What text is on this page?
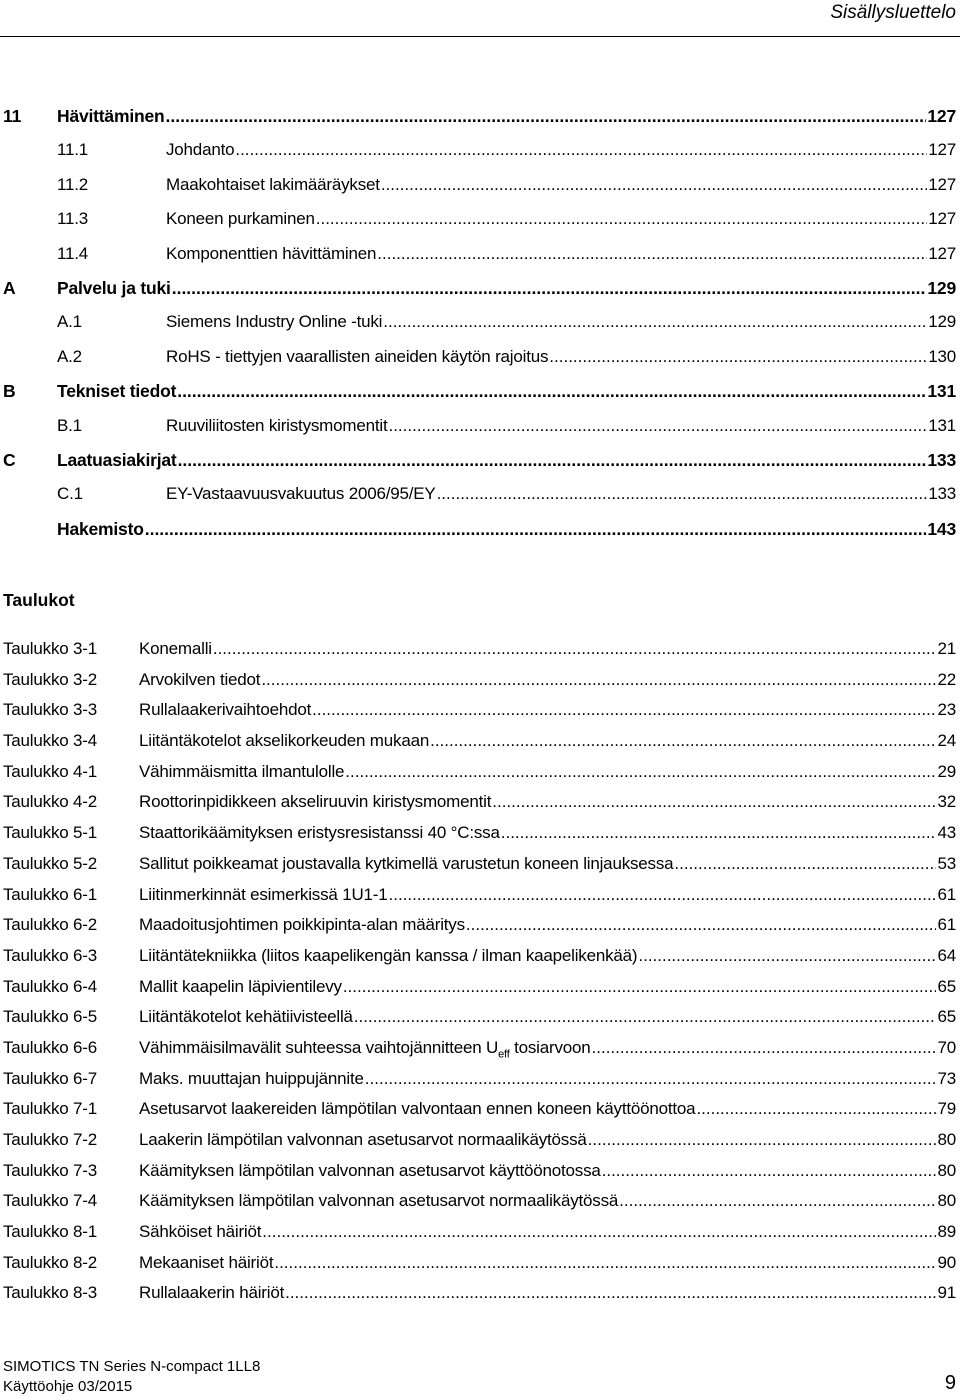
Sisällysluettelo
11 Hävittäminen .....	127
11.1	Johdanto .....	127
11.2	Maakohtaiset lakimääräykset .....	127
11.3	Koneen purkaminen .....	127
11.4	Komponenttien hävittäminen .....	127
A Palvelu ja tuki .....	129
A.1	Siemens Industry Online -tuki .....	129
A.2	RoHS - tiettyjen vaarallisten aineiden käytön rajoitus .....	130
B Tekniset tiedot .....	131
B.1	Ruuviliitosten kiristysmomentit .....	131
C Laatuasiakirjat .....	133
C.1	EY-Vastaavuusvakuutus 2006/95/EY .....	133
Hakemisto .....	143
Taulukot
Taulukko 3-1 Konemalli .....	21
Taulukko 3-2 Arvokilven tiedot .....	22
Taulukko 3-3 Rullalaakerivaihtoehdot .....	23
Taulukko 3-4 Liitäntäkotelot akselikorkeuden mukaan .....	24
Taulukko 4-1 Vähimmäismitta ilmantulolle .....	29
Taulukko 4-2 Roottorinpidikkeen akseliruuvin kiristysmomentit .....	32
Taulukko 5-1 Staattorikäämityksen eristysresistanssi 40 °C:ssa .....	43
Taulukko 5-2 Sallitut poikkeamat joustavalla kytkimellä varustetun koneen linjauksessa .....	53
Taulukko 6-1 Liitinmerkinnät esimerkissä 1U1-1 .....	61
Taulukko 6-2 Maadoitusjohtimen poikkipinta-alan määritys .....	61
Taulukko 6-3 Liitäntätekniikka (liitos kaapelikengän kanssa / ilman kaapelikenkää) .....	64
Taulukko 6-4 Mallit kaapelin läpivientilevy .....	65
Taulukko 6-5 Liitäntäkotelot kehätiivisteellä .....	65
Taulukko 6-6 Vähimmäisilmavälit suhteessa vaihtojännitteen $U_{eff}$ tosiarvoon .....	70
Taulukko 6-7 Maks. muuttajan huippujännite .....	73
Taulukko 7-1 Asetusarvot laakereiden lämpötilan valvontaan ennen koneen käyttöönottoa .....	79
Taulukko 7-2 Laakerin lämpötilan valvonnan asetusarvot normaalikäytössä .....	80
Taulukko 7-3 Käämityksen lämpötilan valvonnan asetusarvot käyttöönotossa .....	80
Taulukko 7-4 Käämityksen lämpötilan valvonnan asetusarvot normaalikäytössä .....	80
Taulukko 8-1 Sähköiset häiriöt .....	89
Taulukko 8-2 Mekaaniset häiriöt .....	90
Taulukko 8-3 Rullalaakerin häiriöt .....	91
SIMOTICS TN Series N-compact 1LL8
Käyttöohje 03/2015	9
